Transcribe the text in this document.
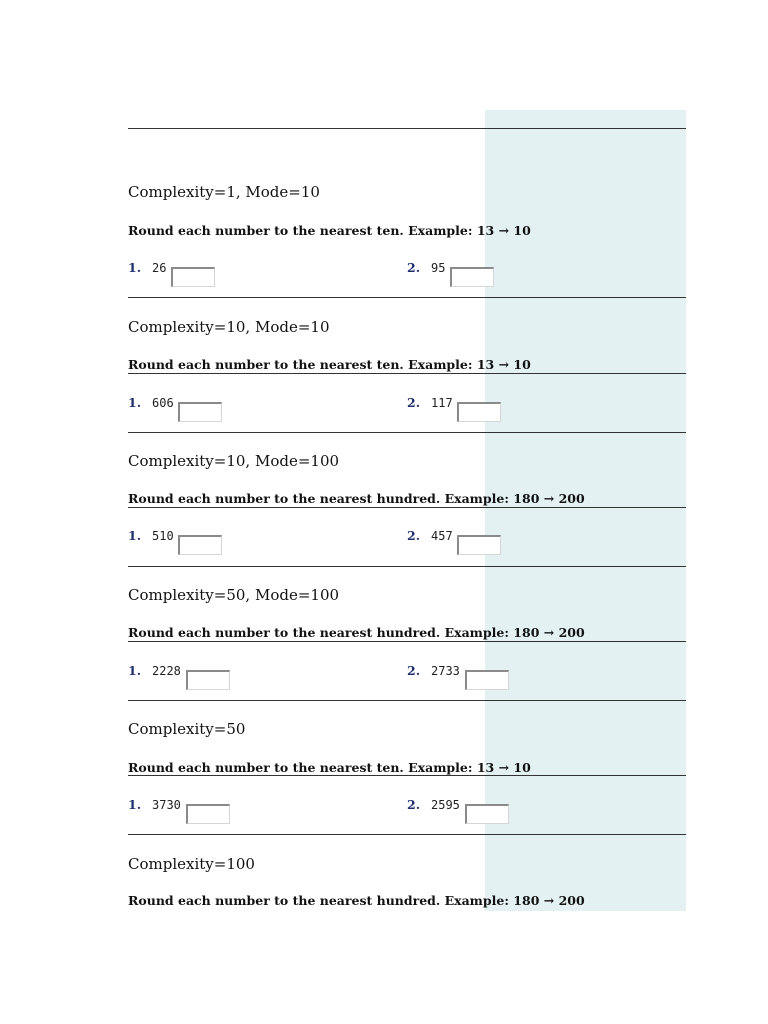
Complexity=1, Mode=10
Round each number to the nearest ten. Example: 13 → 10
1. 26	2. 95
Complexity=10, Mode=10
Round each number to the nearest ten. Example: 13 → 10
1. 606	2. 117
Complexity=10, Mode=100
Round each number to the nearest hundred. Example: 180 → 200
1. 510	2. 457
Complexity=50, Mode=100
Round each number to the nearest hundred. Example: 180 → 200
1. 2228	2. 2733
Complexity=50
Round each number to the nearest ten. Example: 13 → 10
1. 3730	2. 2595
Complexity=100
Round each number to the nearest hundred. Example: 180 → 200
